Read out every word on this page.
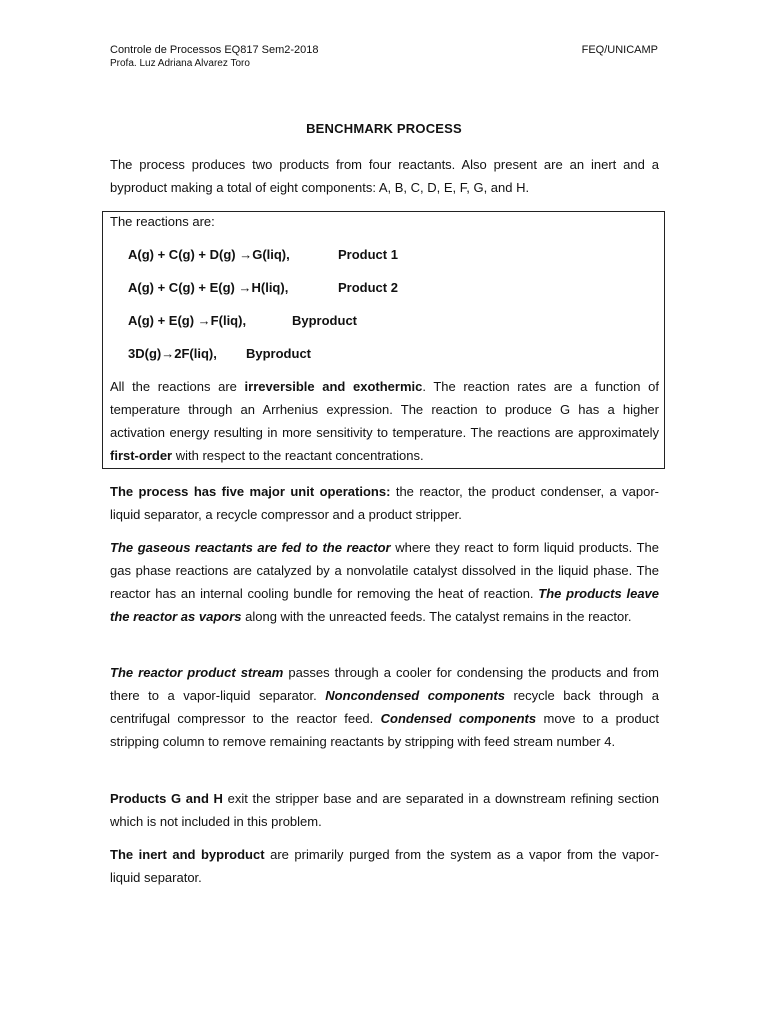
Controle de Processos EQ817 Sem2-2018
Profa. Luz Adriana Alvarez Toro
FEQ/UNICAMP
BENCHMARK PROCESS

The process produces two products from four reactants. Also present are an inert and a byproduct making a total of eight components: A, B, C, D, E, F, G, and H.

The reactions are:
A(g) + C(g) + D(g) →G(liq),	Product 1
A(g) + C(g) + E(g) →H(liq),	Product 2
A(g) + E(g) →F(liq),	Byproduct
3D(g)→2F(liq), Byproduct

All the reactions are irreversible and exothermic. The reaction rates are a function of temperature through an Arrhenius expression. The reaction to produce G has a higher activation energy resulting in more sensitivity to temperature. The reactions are approximately first-order with respect to the reactant concentrations.

The process has five major unit operations: the reactor, the product condenser, a vapor-liquid separator, a recycle compressor and a product stripper.

The gaseous reactants are fed to the reactor where they react to form liquid products. The gas phase reactions are catalyzed by a nonvolatile catalyst dissolved in the liquid phase. The reactor has an internal cooling bundle for removing the heat of reaction. The products leave the reactor as vapors along with the unreacted feeds. The catalyst remains in the reactor.

The reactor product stream passes through a cooler for condensing the products and from there to a vapor-liquid separator. Noncondensed components recycle back through a centrifugal compressor to the reactor feed. Condensed components move to a product stripping column to remove remaining reactants by stripping with feed stream number 4.

Products G and H exit the stripper base and are separated in a downstream refining section which is not included in this problem.

The inert and byproduct are primarily purged from the system as a vapor from the vapor-liquid separator.
